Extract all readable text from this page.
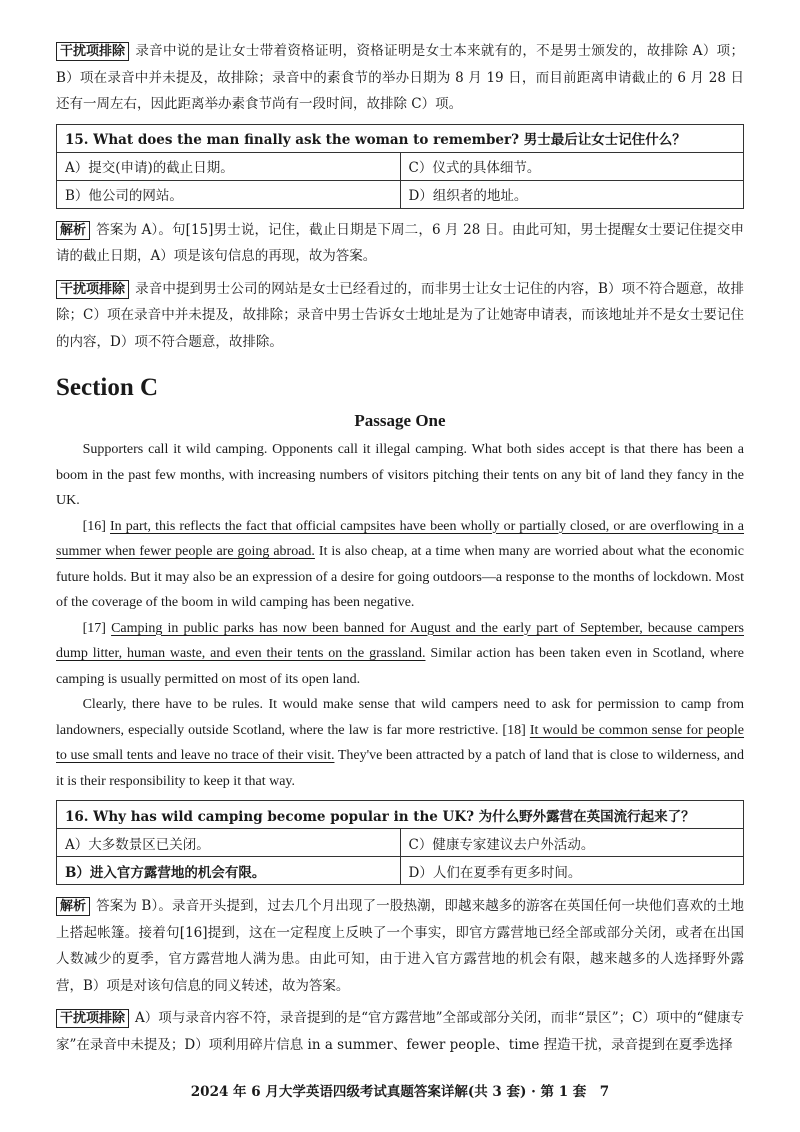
干扰项排除 录音中说的是让女士带着资格证明，资格证明是女士本来就有的，不是男士颁发的，故排除 A）项；B）项在录音中并未提及，故排除；录音中的素食节的举办日期为 8 月 19 日，而目前距离申请截止的 6 月 28 日还有一周左右，因此距离举办素食节尚有一段时间，故排除 C）项。

15. What does the man finally ask the woman to remember? 男士最后让女士记住什么？	
A）提交(申请)的截止日期。	C）仪式的具体细节。
B）他公司的网站。	D）组织者的地址。

解析 答案为 A）。句[15]男士说，记住，截止日期是下周二，6 月 28 日。由此可知，男士提醒女士要记住提交申请的截止日期，A）项是该句信息的再现，故为答案。

干扰项排除 录音中提到男士公司的网站是女士已经看过的，而非男士让女士记住的内容，B）项不符合题意，故排除；C）项在录音中并未提及，故排除；录音中男士告诉女士地址是为了让她寄申请表，而该地址并不是女士要记住的内容，D）项不符合题意，故排除。

Section C
Passage One

Supporters call it wild camping. Opponents call it illegal camping. What both sides accept is that there has been a boom in the past few months, with increasing numbers of visitors pitching their tents on any bit of land they fancy in the UK.

[16] In part, this reflects the fact that official campsites have been wholly or partially closed, or are overflowing in a summer when fewer people are going abroad. It is also cheap, at a time when many are worried about what the economic future holds. But it may also be an expression of a desire for going outdoors—a response to the months of lockdown. Most of the coverage of the boom in wild camping has been negative.

[17] Camping in public parks has now been banned for August and the early part of September, because campers dump litter, human waste, and even their tents on the grassland. Similar action has been taken even in Scotland, where camping is usually permitted on most of its open land.

Clearly, there have to be rules. It would make sense that wild campers need to ask for permission to camp from landowners, especially outside Scotland, where the law is far more restrictive. [18] It would be common sense for people to use small tents and leave no trace of their visit. They've been attracted by a patch of land that is close to wilderness, and it is their responsibility to keep it that way.

16. Why has wild camping become popular in the UK? 为什么野外露营在英国流行起来了？	
A）大多数景区已关闭。	C）健康专家建议去户外活动。
B）进入官方露营地的机会有限。	D）人们在夏季有更多时间。

解析 答案为 B）。录音开头提到，过去几个月出现了一股热潮，即越来越多的游客在英国任何一块他们喜欢的土地上搭起帐篷。接着句[16]提到，这在一定程度上反映了一个事实，即官方露营地已经全部或部分关闭，或者在出国人数减少的夏季，官方露营地人满为患。由此可知，由于进入官方露营地的机会有限，越来越多的人选择野外露营，B）项是对该句信息的同义转述，故为答案。

干扰项排除 A）项与录音内容不符，录音提到的是“官方露营地”全部或部分关闭，而非“景区”；C）项中的“健康专家”在录音中未提及；D）项利用碎片信息 in a summer、fewer people、time 捏造干扰，录音提到在夏季选择

2024 年 6 月大学英语四级考试真题答案详解(共 3 套) · 第 1 套　7
